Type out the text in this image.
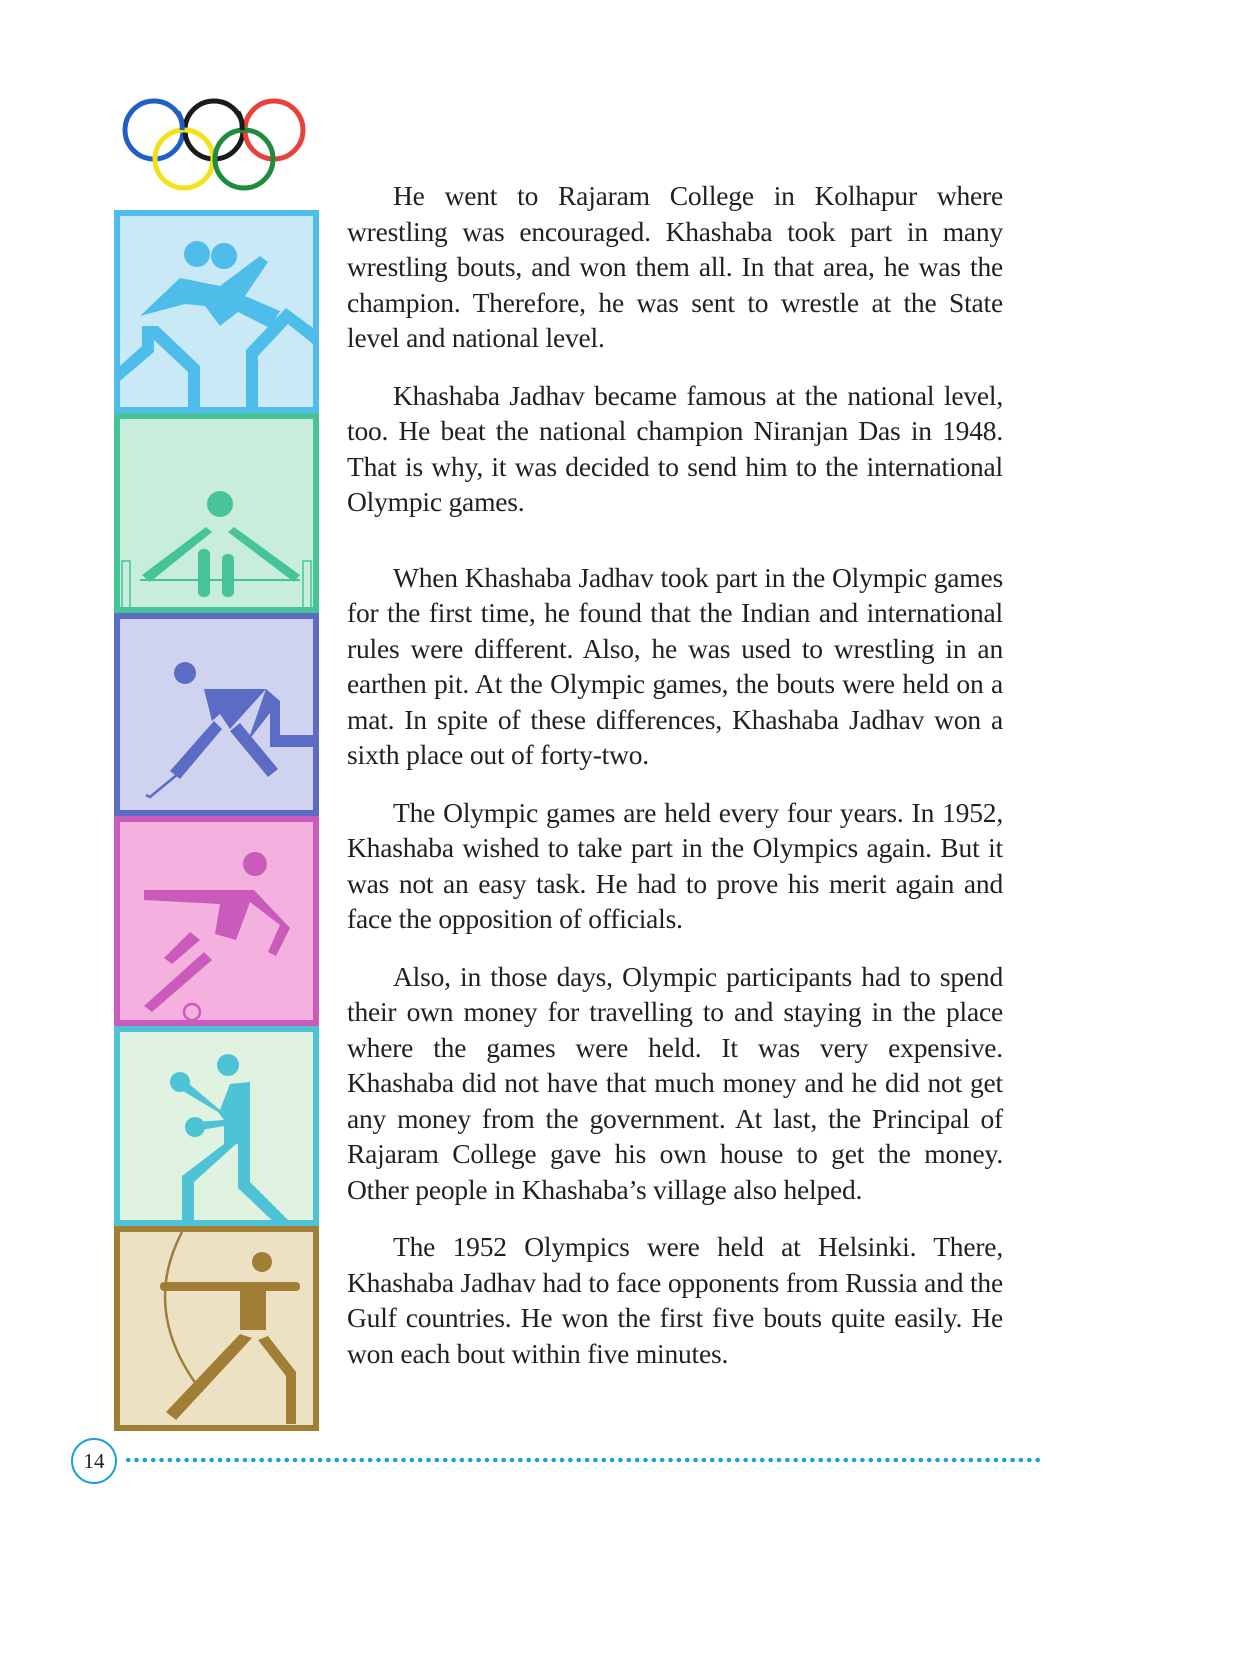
He went to Rajaram College in Kolhapur where wrestling was encouraged. Khashaba took part in many wrestling bouts, and won them all. In that area, he was the champion. Therefore, he was sent to wrestle at the State level and national level.

Khashaba Jadhav became famous at the national level, too. He beat the national champion Niranjan Das in 1948. That is why, it was decided to send him to the international Olympic games.

When Khashaba Jadhav took part in the Olympic games for the first time, he found that the Indian and international rules were different. Also, he was used to wrestling in an earthen pit. At the Olympic games, the bouts were held on a mat. In spite of these differences, Khashaba Jadhav won a sixth place out of forty-two.

The Olympic games are held every four years. In 1952, Khashaba wished to take part in the Olympics again. But it was not an easy task. He had to prove his merit again and face the opposition of officials.

Also, in those days, Olympic participants had to spend their own money for travelling to and staying in the place where the games were held. It was very expensive. Khashaba did not have that much money and he did not get any money from the government. At last, the Principal of Rajaram College gave his own house to get the money. Other people in Khashaba’s village also helped.

The 1952 Olympics were held at Helsinki. There, Khashaba Jadhav had to face opponents from Russia and the Gulf countries. He won the first five bouts quite easily. He won each bout within five minutes.

14
